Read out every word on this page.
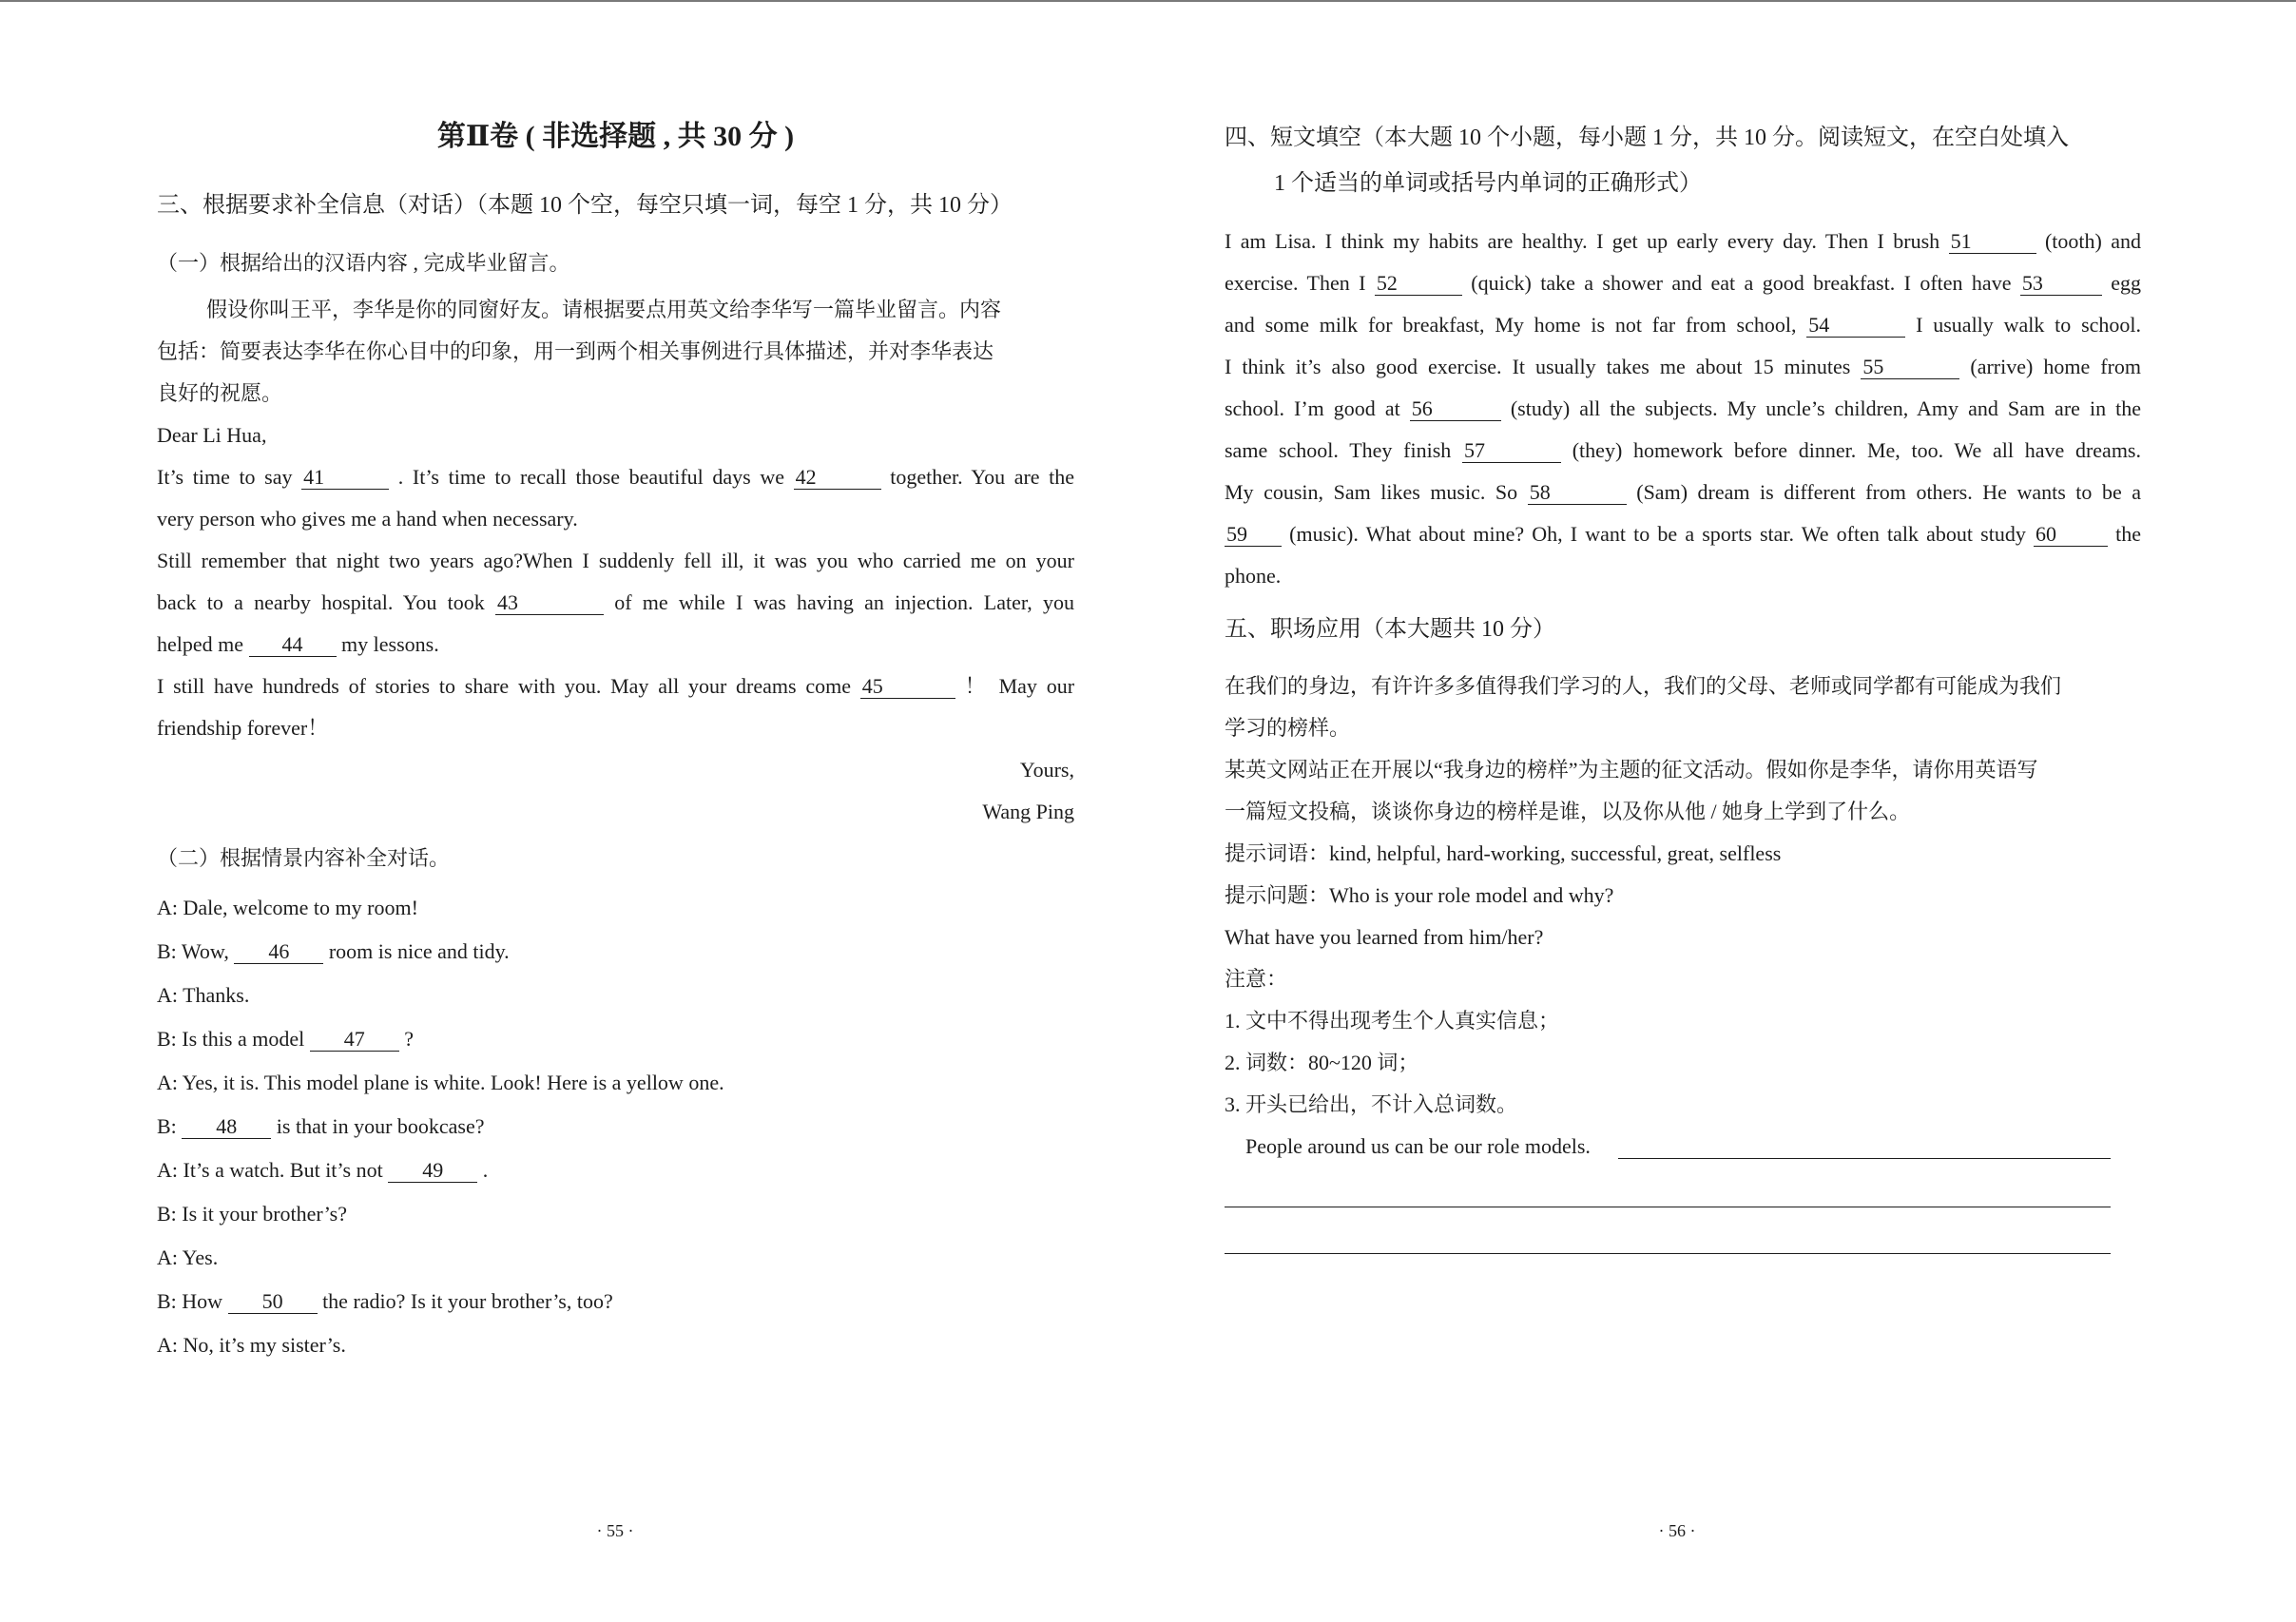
第Ⅱ卷 ( 非选择题 , 共 30 分 )
三、根据要求补全信息（对话）（本题 10 个空，每空只填一词，每空 1 分，共 10 分）
（一）根据给出的汉语内容 , 完成毕业留言。
假设你叫王平，李华是你的同窗好友。请根据要点用英文给李华写一篇毕业留言。内容
包括：简要表达李华在你心目中的印象，用一到两个相关事例进行具体描述，并对李华表达
良好的祝愿。
Dear Li Hua,
It’s time to say 41	. It’s time to recall those beautiful days we 42	together. You are the
very person who gives me a hand when necessary.
Still remember that night two years ago?When I suddenly fell ill, it was you who carried me on your
back to a nearby hospital. You took 43	of me while I was having an injection. Later, you
helped me 44 my lessons.
I still have hundreds of stories to share with you. May all your dreams come 45	！ May our
friendship forever！
Yours,
Wang Ping
（二）根据情景内容补全对话。
A: Dale, welcome to my room!
B: Wow, 46 room is nice and tidy.
A: Thanks.
B: Is this a model 47 ?
A: Yes, it is. This model plane is white. Look! Here is a yellow one.
B: 48 is that in your bookcase?
A: It’s a watch. But it’s not 49 .
B: Is it your brother’s?
A: Yes.
B: How 50 the radio? Is it your brother’s, too?
A: No, it’s my sister’s.
· 55 ·
四、短文填空（本大题 10 个小题，每小题 1 分，共 10 分。阅读短文，在空白处填入
1 个适当的单词或括号内单词的正确形式）
I am Lisa. I think my habits are healthy. I get up early every day. Then I brush 51	(tooth) and
exercise. Then I 52	(quick) take a shower and eat a good breakfast. I often have 53	egg
and some milk for breakfast, My home is not far from school, 54	I usually walk to school.
I think it’s also good exercise. It usually takes me about 15 minutes 55	(arrive) home from
school. I’m good at 56	(study) all the subjects. My uncle’s children, Amy and Sam are in the
same school. They finish 57	(they) homework before dinner. Me, too. We all have dreams.
My cousin, Sam likes music. So 58	(Sam) dream is different from others. He wants to be a
59 (music). What about mine? Oh, I want to be a sports star. We often talk about study 60	the
phone.
五、职场应用（本大题共 10 分）
在我们的身边，有许许多多值得我们学习的人，我们的父母、老师或同学都有可能成为我们
学习的榜样。
某英文网站正在开展以“我身边的榜样”为主题的征文活动。假如你是李华，请你用英语写
一篇短文投稿，谈谈你身边的榜样是谁，以及你从他 / 她身上学到了什么。
提示词语：kind, helpful, hard-working, successful, great, selfless
提示问题：Who is your role model and why?
What have you learned from him/her?
注意：
1. 文中不得出现考生个人真实信息；
2. 词数：80~120 词；
3. 开头已给出，不计入总词数。
People around us can be our role models.
· 56 ·
